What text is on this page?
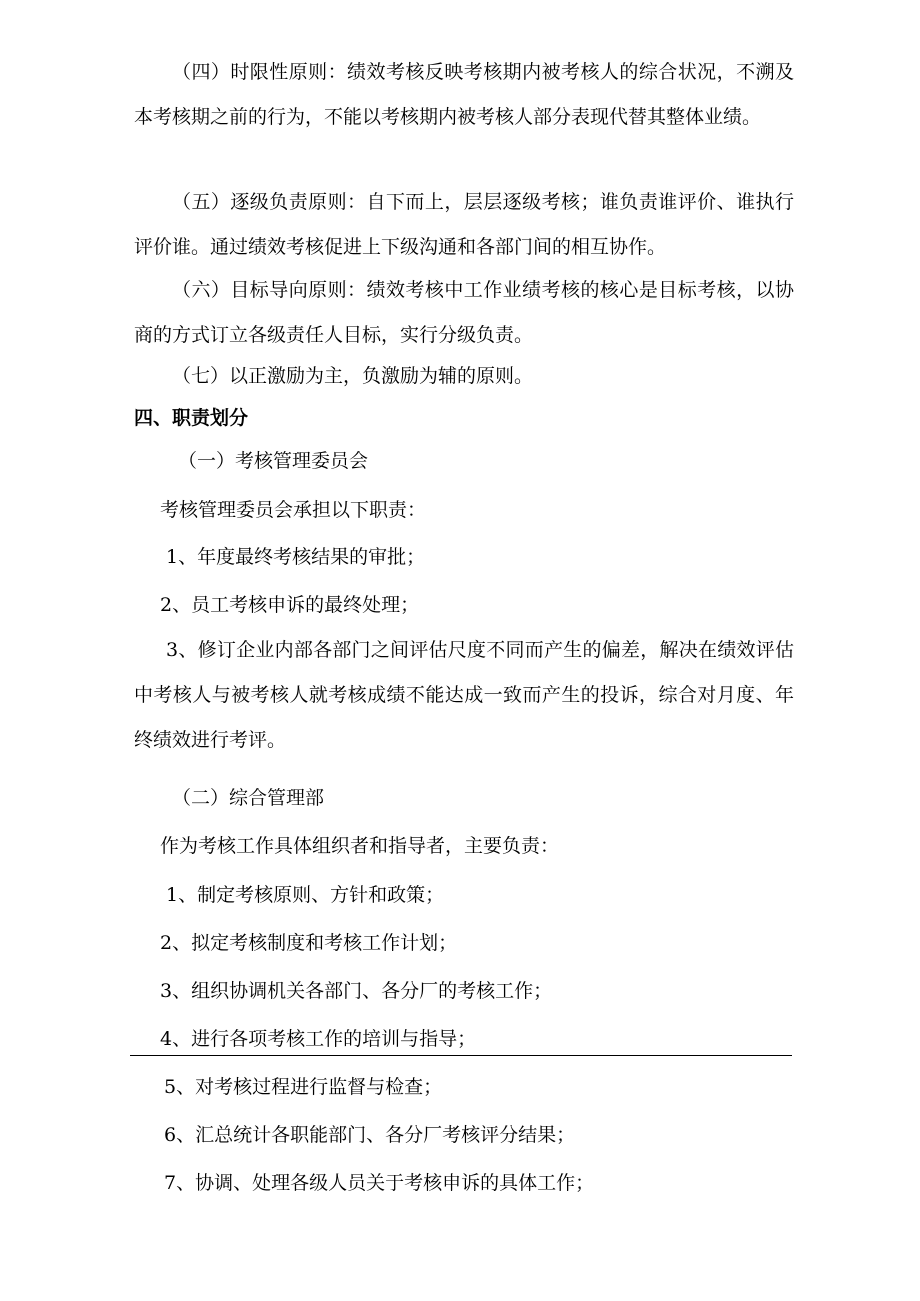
（四）时限性原则：绩效考核反映考核期内被考核人的综合状况，不溯及本考核期之前的行为，不能以考核期内被考核人部分表现代替其整体业绩。
（五）逐级负责原则：自下而上，层层逐级考核；谁负责谁评价、谁执行评价谁。通过绩效考核促进上下级沟通和各部门间的相互协作。
（六）目标导向原则：绩效考核中工作业绩考核的核心是目标考核，以协商的方式订立各级责任人目标，实行分级负责。
（七）以正激励为主，负激励为辅的原则。
四、职责划分
（一）考核管理委员会
考核管理委员会承担以下职责：
1、年度最终考核结果的审批；
2、员工考核申诉的最终处理；
3、修订企业内部各部门之间评估尺度不同而产生的偏差，解决在绩效评估中考核人与被考核人就考核成绩不能达成一致而产生的投诉，综合对月度、年终绩效进行考评。
（二）综合管理部
作为考核工作具体组织者和指导者，主要负责：
1、制定考核原则、方针和政策；
2、拟定考核制度和考核工作计划；
3、组织协调机关各部门、各分厂的考核工作；
4、进行各项考核工作的培训与指导；
5、对考核过程进行监督与检查；
6、汇总统计各职能部门、各分厂考核评分结果；
7、协调、处理各级人员关于考核申诉的具体工作；
